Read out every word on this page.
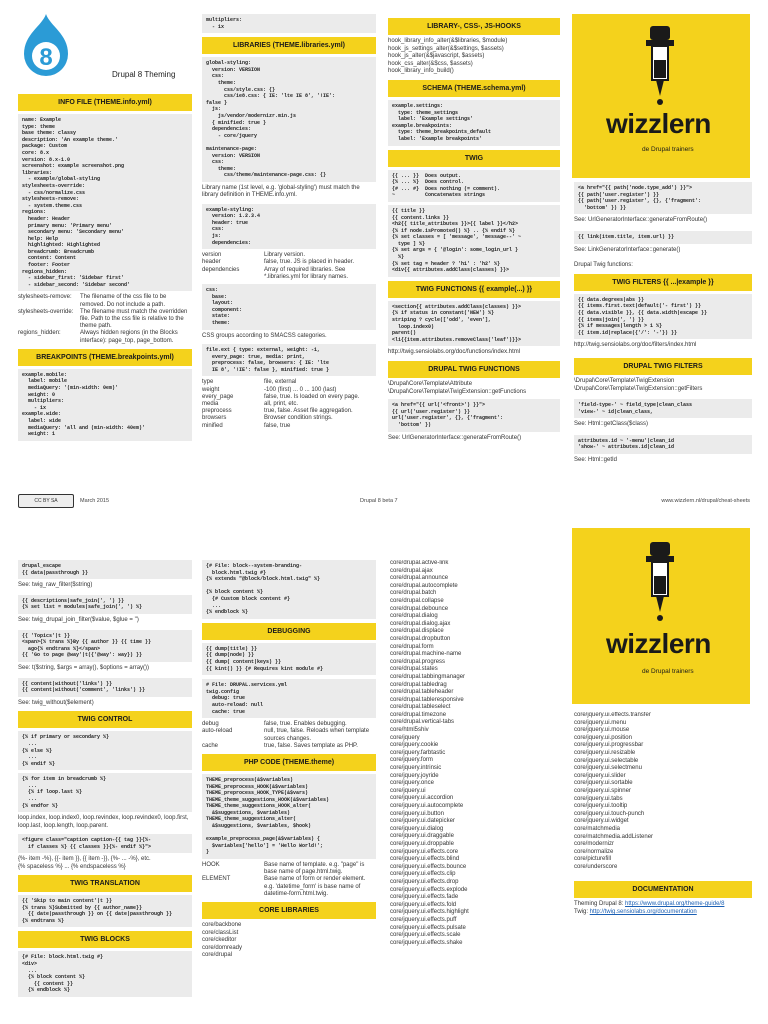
8
Drupal 8 Theming
INFO FILE (THEME.info.yml)
name: Example
type: theme
base theme: classy
description: 'An example theme.'
package: Custom
core: 8.x
version: 8.x-1.0
screenshot: example screenshot.png
libraries:
- example/global-styling
stylesheets-override:
- css/normalize.css
stylesheets-remove:
- system.theme.css
regions:
header: Header
primary menu: 'Primary menu'
secondary menu: 'Secondary menu'
help: Help
highlighted: Highlighted
breadcrumb: Breadcrumb
content: Content
footer: Footer
regions_hidden:
- sidebar_first: 'Sidebar first'
- sidebar_second: 'Sidebar second'
stylesheets-remove:	The filename of the css file to be removed. Do not include a path.
stylesheets-override:	The filename must match the overridden file. Path to the css file is relative to the theme path.
regions_hidden:	Always hidden regions (in the Blocks interface): page_top, page_bottom.
BREAKPOINTS (THEME.breakpoints.yml)
example.mobile:
label: mobile
mediaQuery: '(min-width: 0em)'
weight: 0
multipliers:
- 1x
example.wide:
label: wide
mediaQuery: 'all and (min-width: 40em)'
weight: 1
multipliers:
- 1x
LIBRARIES (THEME.libraries.yml)
global-styling:
version: VERSION
css:
theme:
css/style.css: {}
css/ie8.css: { IE: 'lte IE 8', '!IE':
false }
js:
js/vendor/modernizr.min.js
{ minified: true }
dependencies:
- core/jquery

maintenance-page:
version: VERSION
css:
theme:
css/theme/maintenance-page.css: {}
Library name (1st level, e.g. 'global-styling') must match the library definition in THEME.info.yml.
example-styling:
version: 1.2.3.4
header: true
css:
js:
dependencies:
version	Library version.
header	false, true. JS is placed in header.
dependencies	Array of required libraries. See *.libraries.yml for library names.
css:
base:
layout:
component:
state:
theme:
CSS groups according to SMACSS categories.
file.ext { type: external, weight: -1,
every_page: true, media: print,
preprocess: false, browsers: { IE: 'lte
IE 8', '!IE': false }, minified: true }
type	file, external
weight	-100 (first) ... 0 ... 100 (last)
every_page	false, true. Is loaded on every page.
media	all, print, etc.
preprocess	true, false. Asset file aggregation.
browsers	Browser condition strings.
minified	false, true
LIBRARY-, CSS-, JS-HOOKS
hook_library_info_alter(&$libraries, $module)
hook_js_settings_alter(&$settings, $assets)
hook_js_alter(&$javascript, $assets)
hook_css_alter(&$css, $assets)
hook_library_info_build()
SCHEMA (THEME.schema.yml)
example.settings:
type: theme_settings
label: 'Example settings'
example.breakpoints:
type: theme_breakpoints_default
label: 'Example breakpoints'
TWIG
{{ ... }}  Does output.
{% ... %}  Does control.
{# ... #}  Does nothing (= comment).
~          Concatenates strings
{{ title }}
{{ content.links }}
<h2{{ title_attributes }}>{{ label }}</h2>
{% if node.isPromoted() %} .. {% endif %}
{% set classes = [ 'message', 'message--' ~
type ] %}
{% set args = { '@login': some_login_url }
%}
{% set tag = header ? 'h1' : 'h2' %}
<div{{ attributes.addClass(classes) }}>
TWIG FUNCTIONS {{ example(...) }}
<section{{ attributes.addClass(classes) }}>
{% if status in constant('NEW') %}
striping ? cycle(['odd', 'even'],
loop.index0)
parent()
<li{{item.attributes.removeClass('leaf')}}>
http://twig.sensiolabs.org/doc/functions/index.html
DRUPAL TWIG FUNCTIONS
\Drupal\Core\Template\Attribute
\Drupal\Core\Template\TwigExtension::getFunctions
<a href="{{ url('<front>') }}">
{{ url('user.register') }}
url('user.register', {}, {'fragment':
'bottom' })
See: UrlGeneratorInterface::generateFromRoute()
wizzlern
de Drupal trainers
<a href="{{ path('node.type_add') }}">
{{ path('user.register') }}
{{ path('user.register', {}, {'fragment':
'bottom' }) }}
See: UrlGeneratorInterface::generateFromRoute()
{{ link(item.title, item.url) }}
See: LinkGeneratorInterface::generate()
Drupal Twig functions:
TWIG FILTERS {{ ...|example }}
{{ data.degrees|abs }}
{{ items.first.text|default('- first') }}
{{ data.visible }}, {{ data.width|escape }}
{{ items|join(', ') }}
{% if messages|length > 1 %}
{{ item.id|replace({'/': '-'}) }}
http://twig.sensiolabs.org/doc/filters/index.html
DRUPAL TWIG FILTERS
\Drupal\Core\Template\TwigExtension
\Drupal\Core\Template\TwigExtension::getFilters
'field-type-' ~ field_type|clean_class
'view-' ~ id|clean_class,
See: Html::getClass($class)
attributes.id ~ '-menu'|clean_id
'show-' ~ attributes.id|clean_id
See: Html::getId
CC BY SA	March 2015	Drupal 8 beta 7	www.wizzlern.nl/drupal/cheat-sheets
drupal_escape
{{ data|passthrough }}
See: twig_raw_filter($string)
{{ descriptions|safe_join(', ') }}
{% set list = modules|safe_join(', ') %}
See: twig_drupal_join_filter($value, $glue = '')
{{ 'Topics'|t }}
<span>{% trans %}By {{ author }} {{ time }}
ago{% endtrans %}</span>
{{ 'Go to page @way'|t({'@way': way}) }}
See: t($string, $args = array(), $options = array())
{{ content|without('links') }}
{{ content|without('comment', 'links') }}
See: twig_without($element)
TWIG CONTROL
{% if primary or secondary %}
...
{% else %}
...
{% endif %}
{% for item in breadcrumb %}
...
{% if loop.last %}
...
{% endfor %}
loop.index, loop.index0, loop.revindex, loop.revindex0, loop.first, loop.last, loop.length, loop.parent.
<figure class="caption caption-{{ tag }}{%-
if classes %} {{ classes }}{%- endif %}">
{%- item -%}, {{- item }}, {{ item -}}, {%- ... -%}, etc.
{% spaceless %} ... {% endspaceless %}
TWIG TRANSLATION
{{ 'Skip to main content'|t }}
{% trans %}Submitted by {{ author_name}}
{{ date|passthrough }} on {{ date|passthrough }}
{% endtrans %}
TWIG BLOCKS
{# File: block.html.twig #}
<div>
...
{% block content %}
{{ content }}
{% endblock %}
{# File: block--system-branding-
block.html.twig #}
{% extends "@block/block.html.twig" %}

{% block content %}
{# Custom block content #}
...
{% endblock %}
DEBUGGING
{{ dump(title) }}
{{ dump(node) }}
{{ dump( content|keys) }}
{{ kint() }} {# Requires kint module #}
# File: DRUPAL.services.yml
twig.config
debug: true
auto-reload: null
cache: true
debug	false, true. Enables debugging.
auto-reload	null, true, false. Reloads when template sources changes.
cache	true, false. Saves template as PHP.
PHP CODE (THEME.theme)
THEME_preprocess(&$variables)
THEME_preprocess_HOOK(&$variables)
THEME_preprocess_HOOK_TYPE(&$vars)
THEME_theme_suggestions_HOOK(&$variables)
THEME_theme_suggestions_HOOK_alter(
&$suggestions, $variables)
THEME_theme_suggestions_alter(
&$suggestions, $variables, $hook)

example_preprocess_page(&$variables) {
$variables['hello'] = 'Hello World!';
}
HOOK	Base name of template. e.g. "page" is base name of page.html.twig.
ELEMENT	Base name of form or render element. e.g. 'datetime_form' is base name of datetime-form.html.twig.
CORE LIBRARIES
core/backbone
core/classList
core/ckeditor
core/domready
core/drupal
core/drupal.active-link
core/drupal.ajax
core/drupal.announce
core/drupal.autocomplete
core/drupal.batch
core/drupal.collapse
core/drupal.debounce
core/drupal.dialog
core/drupal.dialog.ajax
core/drupal.displace
core/drupal.dropbutton
core/drupal.form
core/drupal.machine-name
core/drupal.progress
core/drupal.states
core/drupal.tabbingmanager
core/drupal.tabledrag
core/drupal.tableheader
core/drupal.tableresponsive
core/drupal.tableselect
core/drupal.timezone
core/drupal.vertical-tabs
core/html5shiv
core/jquery
core/jquery.cookie
core/jquery.farbtastic
core/jquery.form
core/jquery.intrinsic
core/jquery.joyride
core/jquery.once
core/jquery.ui
core/jquery.ui.accordion
core/jquery.ui.autocomplete
core/jquery.ui.button
core/jquery.ui.datepicker
core/jquery.ui.dialog
core/jquery.ui.draggable
core/jquery.ui.droppable
core/jquery.ui.effects.core
core/jquery.ui.effects.blind
core/jquery.ui.effects.bounce
core/jquery.ui.effects.clip
core/jquery.ui.effects.drop
core/jquery.ui.effects.explode
core/jquery.ui.effects.fade
core/jquery.ui.effects.fold
core/jquery.ui.effects.highlight
core/jquery.ui.effects.puff
core/jquery.ui.effects.pulsate
core/jquery.ui.effects.scale
core/jquery.ui.effects.shake
wizzlern
de Drupal trainers
core/jquery.ui.effects.transfer
core/jquery.ui.menu
core/jquery.ui.mouse
core/jquery.ui.position
core/jquery.ui.progressbar
core/jquery.ui.resizable
core/jquery.ui.selectable
core/jquery.ui.selectmenu
core/jquery.ui.slider
core/jquery.ui.sortable
core/jquery.ui.spinner
core/jquery.ui.tabs
core/jquery.ui.tooltip
core/jquery.ui.touch-punch
core/jquery.ui.widget
core/matchmedia
core/matchmedia.addListener
core/modernizr
core/normalize
core/picturefill
core/underscore
DOCUMENTATION
Theming Drupal 8: https://www.drupal.org/theme-guide/8
Twig: http://twig.sensiolabs.org/documentation
